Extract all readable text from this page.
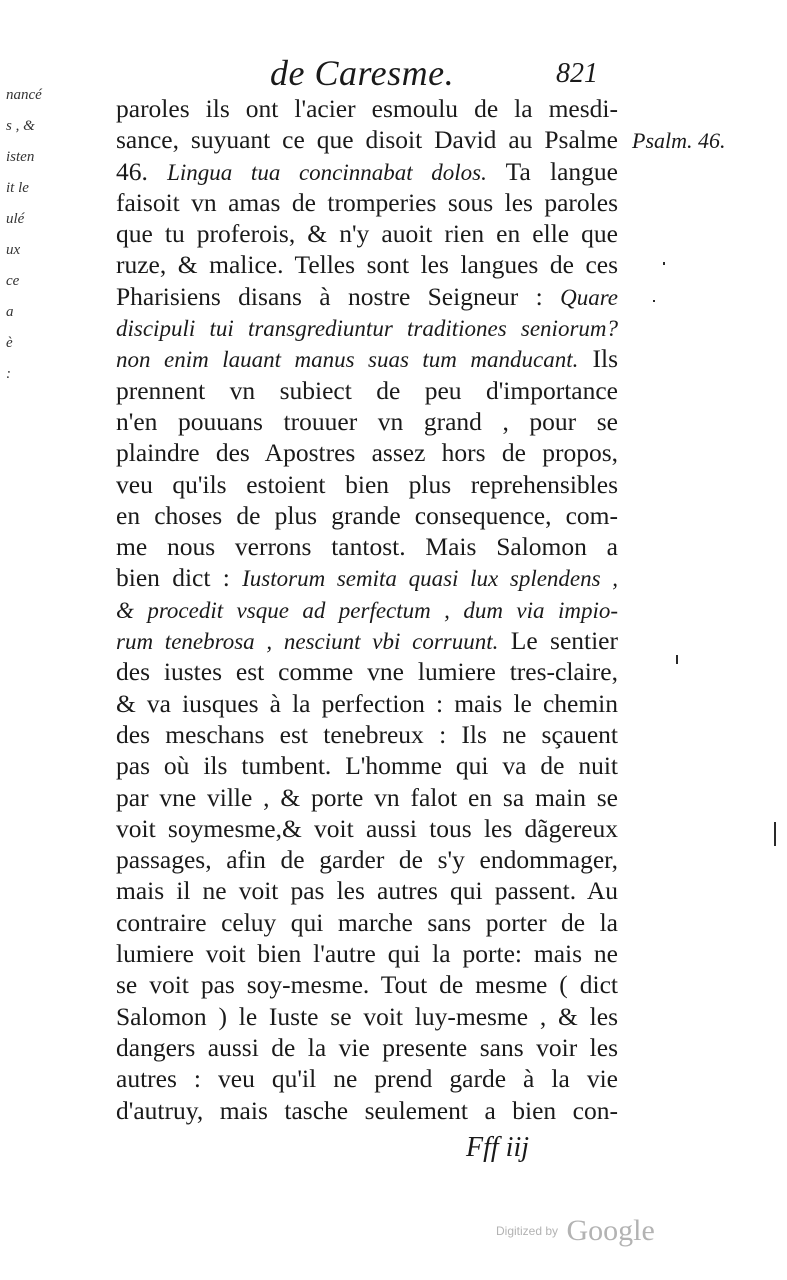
de Caresme.	821
nancé
s , &
isten
it le
ulé
ux
ce
a
è
:
Psalm. 46.
paroles ils ont l'acier esmoulu de la mesdi-
sance, suyuant ce que disoit David au Psalme
46. Lingua tua concinnabat dolos. Ta langue
faisoit vn amas de tromperies sous les paroles
que tu proferois, & n'y auoit rien en elle que
ruze, & malice. Telles sont les langues de ces
Pharisiens disans à nostre Seigneur : Quare
discipuli tui transgrediuntur traditiones seniorum?
non enim lauant manus suas tum manducant. Ils
prennent vn subiect de peu d'importance
n'en pouuans trouuer vn grand , pour se
plaindre des Apostres assez hors de propos,
veu qu'ils estoient bien plus reprehensibles
en choses de plus grande consequence, com-
me nous verrons tantost. Mais Salomon a
bien dict : Iustorum semita quasi lux splendens ,
& procedit vsque ad perfectum , dum via impio-
rum tenebrosa , nesciunt vbi corruunt. Le sentier
des iustes est comme vne lumiere tres-claire,
& va iusques à la perfection : mais le chemin
des meschans est tenebreux : Ils ne sçauent
pas où ils tumbent. L'homme qui va de nuit
par vne ville , & porte vn falot en sa main se
voit soymesme,& voit aussi tous les dãgereux
passages, afin de garder de s'y endommager,
mais il ne voit pas les autres qui passent. Au
contraire celuy qui marche sans porter de la
lumiere voit bien l'autre qui la porte: mais ne
se voit pas soy-mesme. Tout de mesme ( dict
Salomon ) le Iuste se voit luy-mesme , & les
dangers aussi de la vie presente sans voir les
autres : veu qu'il ne prend garde à la vie
d'autruy, mais tasche seulement a bien con-
Fff iij
Digitized by Google
